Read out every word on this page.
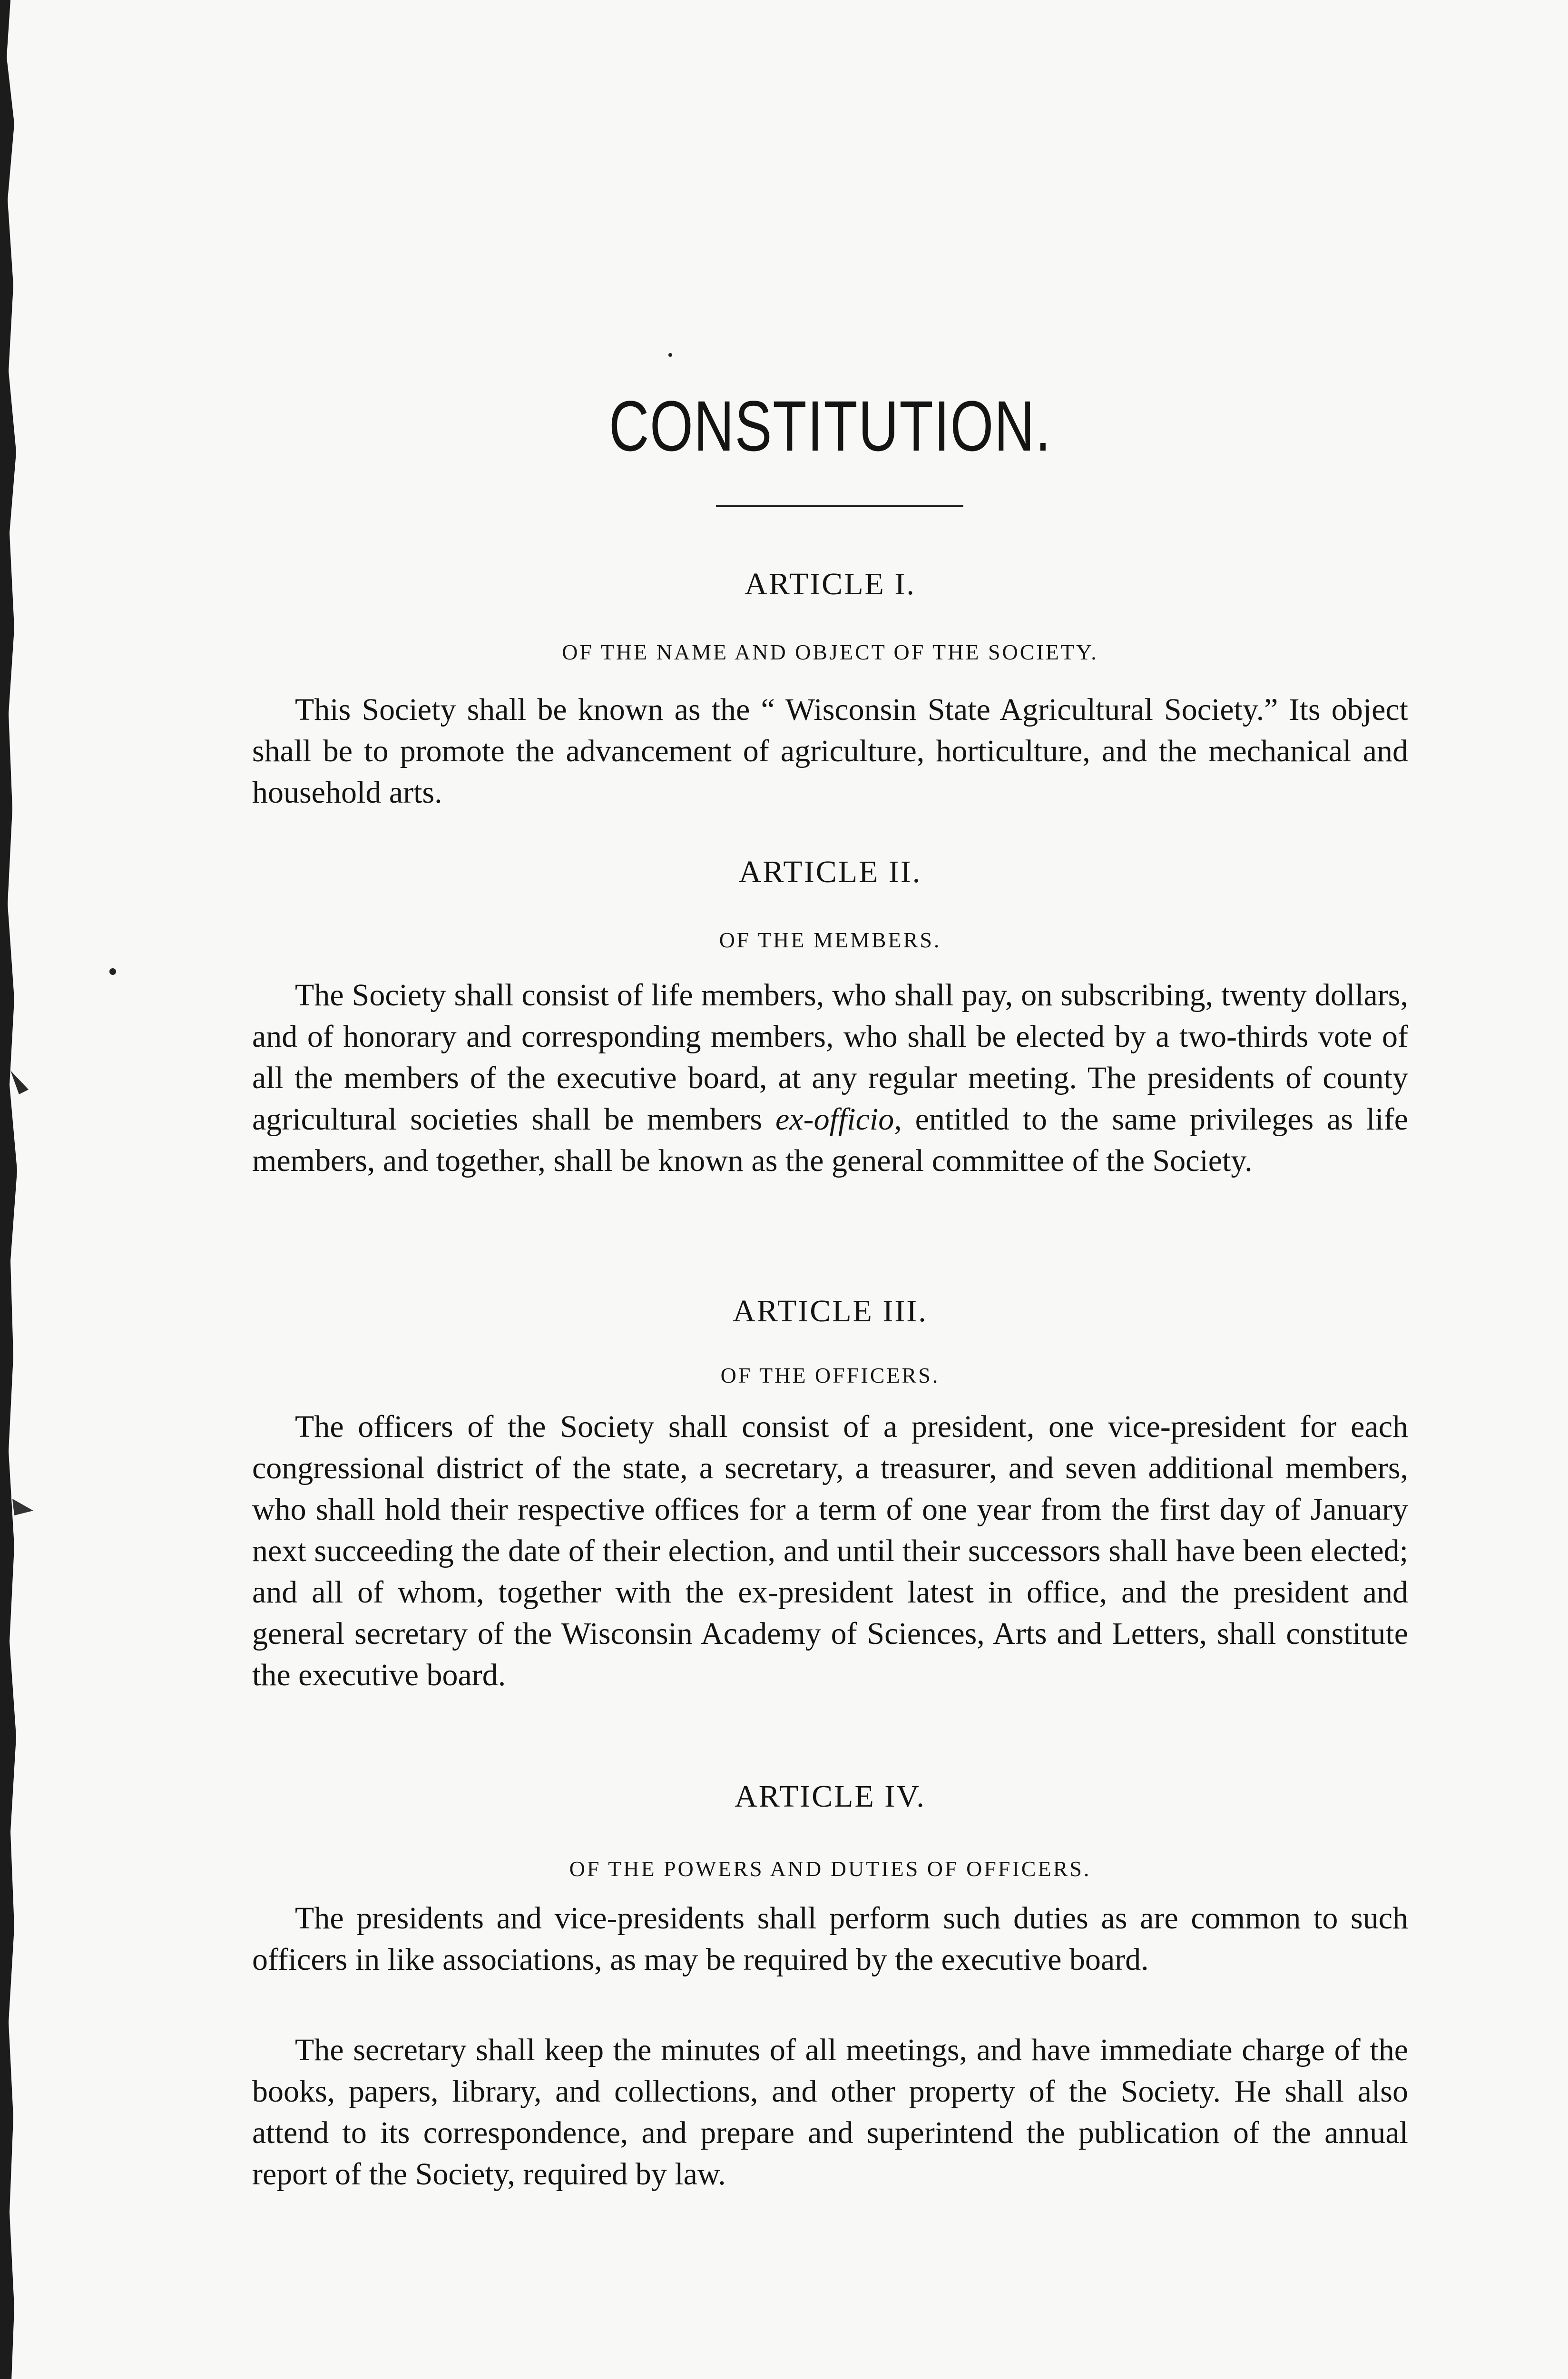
CONSTITUTION.
ARTICLE I.
OF THE NAME AND OBJECT OF THE SOCIETY.

This Society shall be known as the “ Wisconsin State Agricultural Society.” Its object shall be to promote the advancement of agriculture, horticulture, and the mechanical and household arts.

ARTICLE II.
OF THE MEMBERS.

The Society shall consist of life members, who shall pay, on subscribing, twenty dollars, and of honorary and corresponding members, who shall be elected by a two-thirds vote of all the members of the executive board, at any regular meeting. The presidents of county agricultural societies shall be members ex-officio, entitled to the same privileges as life members, and together, shall be known as the general committee of the Society.

ARTICLE III.
OF THE OFFICERS.

The officers of the Society shall consist of a president, one vice-president for each congressional district of the state, a secretary, a treasurer, and seven additional members, who shall hold their respective offices for a term of one year from the first day of January next succeeding the date of their election, and until their successors shall have been elected; and all of whom, together with the ex-president latest in office, and the president and general secretary of the Wisconsin Academy of Sciences, Arts and Letters, shall constitute the executive board.

ARTICLE IV.
OF THE POWERS AND DUTIES OF OFFICERS.

The presidents and vice-presidents shall perform such duties as are common to such officers in like associations, as may be required by the executive board.

The secretary shall keep the minutes of all meetings, and have immediate charge of the books, papers, library, and collections, and other property of the Society. He shall also attend to its correspondence, and prepare and superintend the publication of the annual report of the Society, required by law.
